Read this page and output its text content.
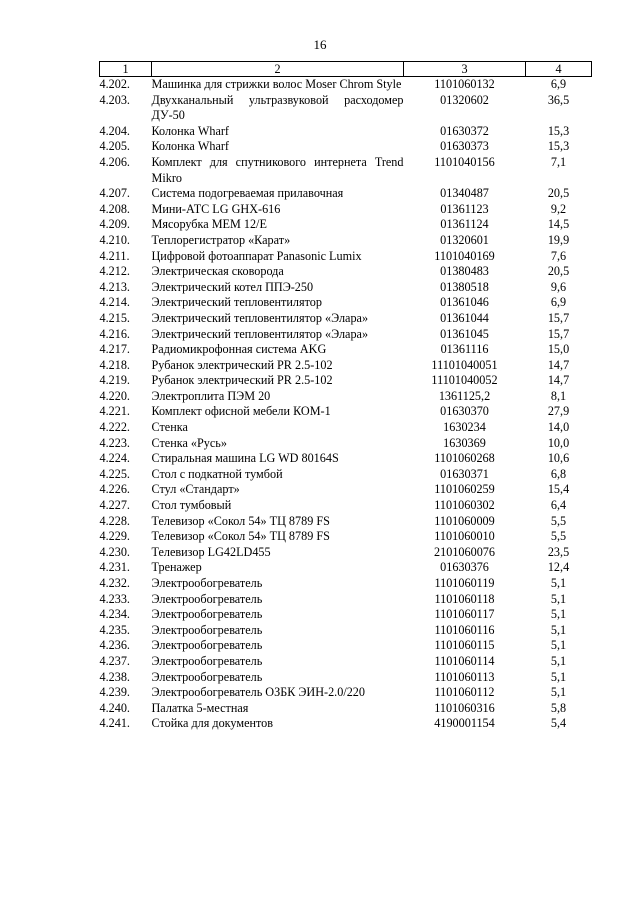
16
1	2	3	4
4.202.	Машинка для стрижки волос Moser Chrom Style	1101060132	6,9
4.203.	Двухканальный ультразвуковой расходомер ДУ-50	01320602	36,5
4.204.	Колонка Wharf	01630372	15,3
4.205.	Колонка Wharf	01630373	15,3
4.206.	Комплект для спутникового интернета Trend Mikro	1101040156	7,1
4.207.	Система подогреваемая прилавочная	01340487	20,5
4.208.	Мини-АТС LG GHX-616	01361123	9,2
4.209.	Мясорубка МЕМ 12/Е	01361124	14,5
4.210.	Теплорегистратор «Карат»	01320601	19,9
4.211.	Цифровой фотоаппарат Panasonic Lumix	1101040169	7,6
4.212.	Электрическая сковорода	01380483	20,5
4.213.	Электрический котел ППЭ-250	01380518	9,6
4.214.	Электрический тепловентилятор	01361046	6,9
4.215.	Электрический тепловентилятор «Элара»	01361044	15,7
4.216.	Электрический тепловентилятор «Элара»	01361045	15,7
4.217.	Радиомикрофонная система AKG	01361116	15,0
4.218.	Рубанок электрический PR 2.5-102	11101040051	14,7
4.219.	Рубанок электрический PR 2.5-102	11101040052	14,7
4.220.	Электроплита ПЭМ 20	1361125,2	8,1
4.221.	Комплект офисной мебели КОМ-1	01630370	27,9
4.222.	Стенка	1630234	14,0
4.223.	Стенка «Русь»	1630369	10,0
4.224.	Стиральная машина LG WD 80164S	1101060268	10,6
4.225.	Стол с подкатной тумбой	01630371	6,8
4.226.	Стул «Стандарт»	1101060259	15,4
4.227.	Стол тумбовый	1101060302	6,4
4.228.	Телевизор «Сокол 54» ТЦ 8789 FS	1101060009	5,5
4.229.	Телевизор «Сокол 54» ТЦ 8789 FS	1101060010	5,5
4.230.	Телевизор LG42LD455	2101060076	23,5
4.231.	Тренажер	01630376	12,4
4.232.	Электрообогреватель	1101060119	5,1
4.233.	Электрообогреватель	1101060118	5,1
4.234.	Электрообогреватель	1101060117	5,1
4.235.	Электрообогреватель	1101060116	5,1
4.236.	Электрообогреватель	1101060115	5,1
4.237.	Электрообогреватель	1101060114	5,1
4.238.	Электрообогреватель	1101060113	5,1
4.239.	Электрообогреватель ОЗБК ЭИН-2.0/220	1101060112	5,1
4.240.	Палатка 5-местная	1101060316	5,8
4.241.	Стойка для документов	4190001154	5,4
